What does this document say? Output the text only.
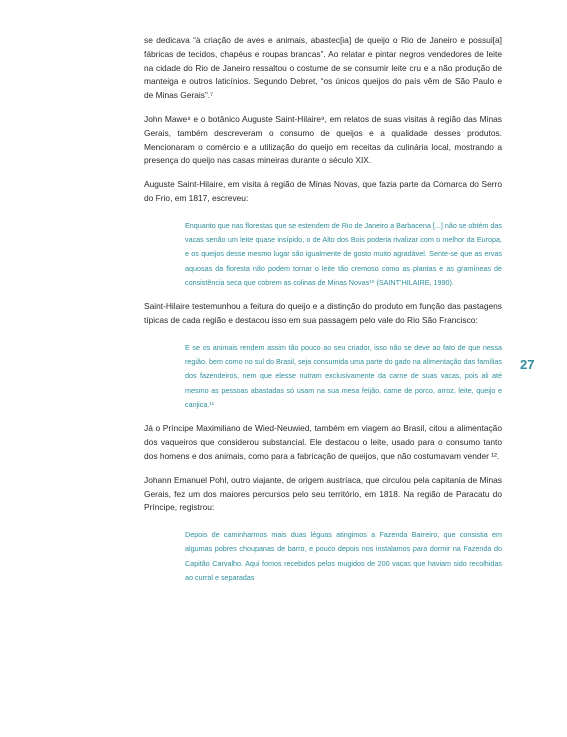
se dedicava “à criação de aves e animais, abastec[ia] de queijo o Rio de Janeiro e possui[a] fábricas de tecidos, chapéus e roupas brancas”. Ao relatar e pintar negros vendedores de leite na cidade do Rio de Janeiro ressaltou o costume de se consumir leite cru e a não produção de manteiga e outros laticínios. Segundo Debret, “os únicos queijos do país vêm de São Paulo e de Minas Gerais”.⁷

John Mawe⁸ e o botânico Auguste Saint-Hilaire⁹, em relatos de suas visitas à região das Minas Gerais, também descreveram o consumo de queijos e a qualidade desses produtos. Mencionaram o comércio e a utilização do queijo em receitas da culinária local, mostrando a presença do queijo nas casas mineiras durante o século XIX.

Auguste Saint-Hilaire, em visita à região de Minas Novas, que fazia parte da Comarca do Serro do Frio, em 1817, escreveu:

Enquanto que nas florestas que se estendem de Rio de Janeiro a Barbacena [...] não se obtém das vacas senão um leite quase insípido, o de Alto dos Bois poderia rivalizar com o melhor da Europa, e os queijos desse mesmo lugar são igualmente de gosto muito agradável. Sente-se que as ervas aquosas da floresta não podem tornar o leite tão cremoso como as plantas e as gramíneas de consistência seca que cobrem as colinas de Minas Novas¹⁰ (SAINT’HILAIRE, 1990).

Saint-Hilaire testemunhou a feitura do queijo e a distinção do produto em função das pastagens típicas de cada região e destacou isso em sua passagem pelo vale do Rio São Francisco:

E se os animais rendem assim tão pouco ao seu criador, isso não se deve ao fato de que nessa região, bem como no sul do Brasil, seja consumida uma parte do gado na alimentação das famílias dos fazendeiros, nem que elesse nutram exclusivamente da carne de suas vacas, pois ali até mesmo as pessoas abastadas só usam na sua mesa feijão, carne de porco, arroz, leite, queijo e canjica.¹¹

Já o Príncipe Maximiliano de Wied-Neuwied, também em viagem ao Brasil, citou a alimentação dos vaqueiros que considerou substancial. Ele destacou o leite, usado para o consumo tanto dos homens e dos animais, como para a fabricação de queijos, que não costumavam vender ¹².

Johann Emanuel Pohl, outro viajante, de origem austríaca, que circulou pela capitania de Minas Gerais, fez um dos maiores percursos pelo seu território, em 1818. Na região de Paracatu do Príncipe, registrou:

Depois de caminharmos mais duas léguas atingimos a Fazenda Barreiro, que consistia em algumas pobres choupanas de barro, e pouco depois nos instalamos para dormir na Fazenda do Capitão Carvalho. Aqui fomos recebidos pelos mugidos de 200 vacas que haviam sido recolhidas ao curral e separadas
27
